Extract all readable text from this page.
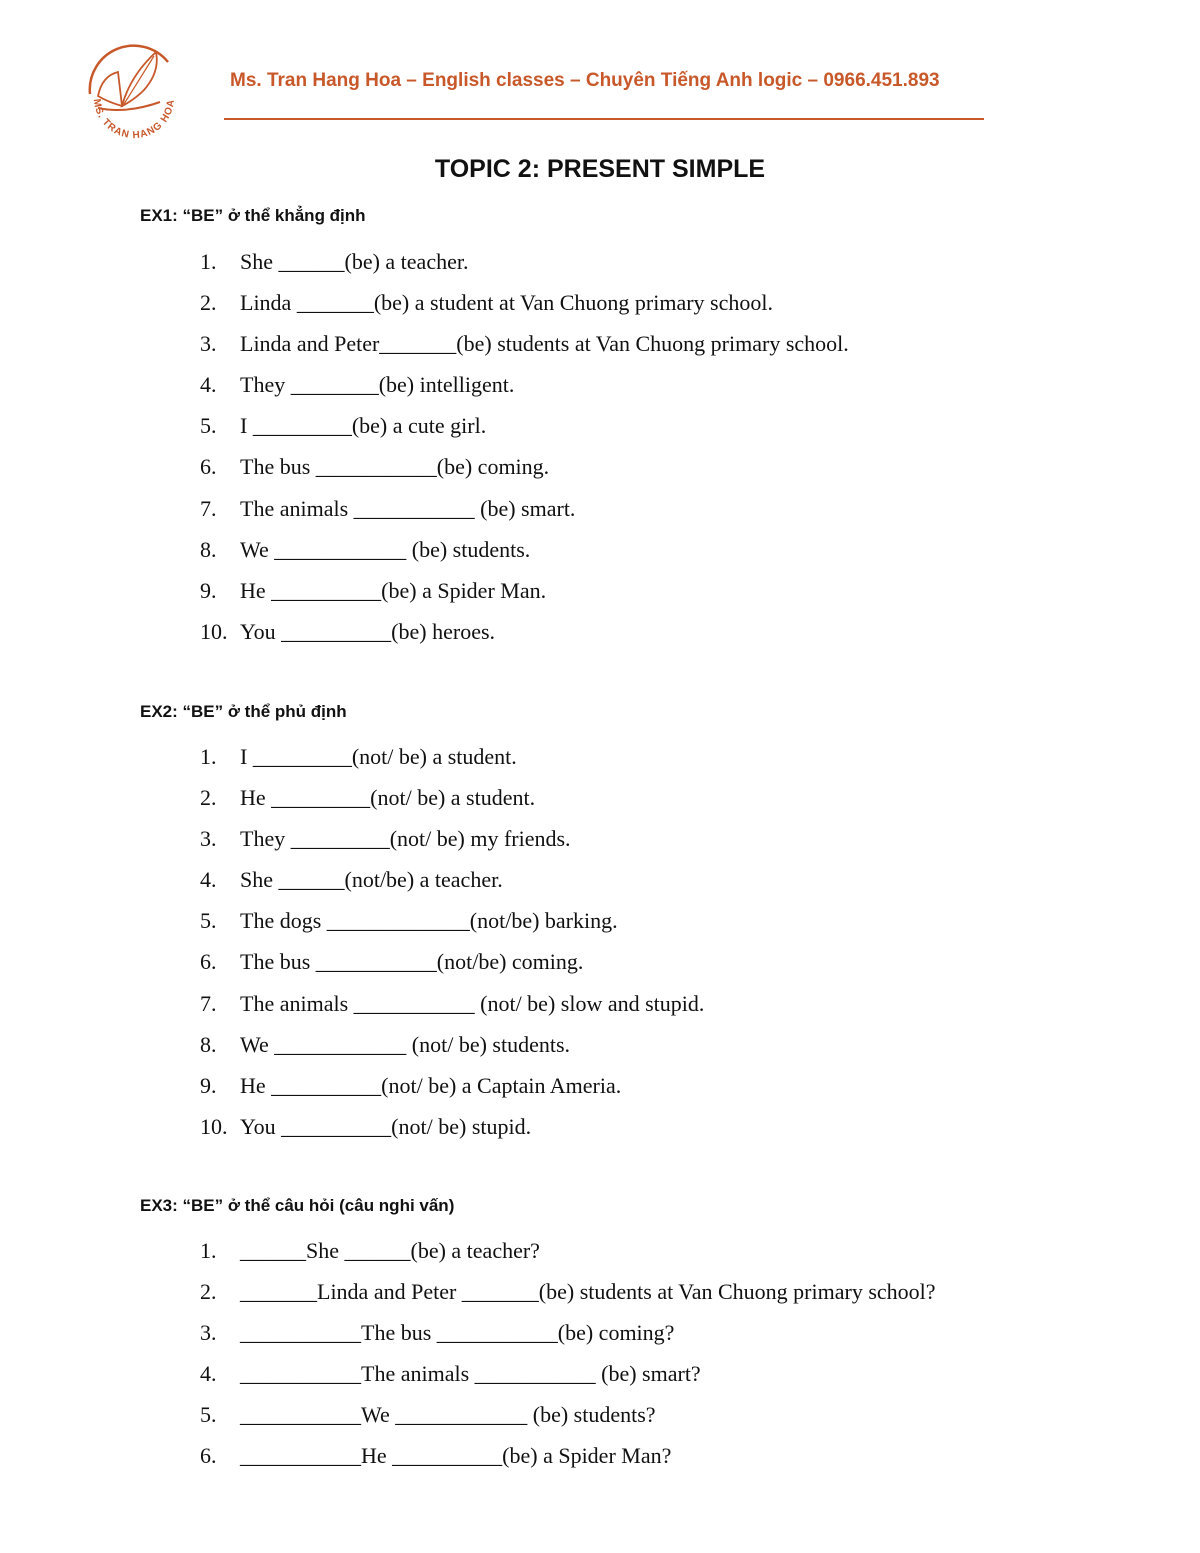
MS. TRAN HANG HOA
Ms. Tran Hang Hoa – English classes – Chuyên Tiếng Anh logic – 0966.451.893
TOPIC 2: PRESENT SIMPLE
EX1: “BE” ở thể khẳng định
1. She ______(be) a teacher.
2. Linda _______(be) a student at Van Chuong primary school.
3. Linda and Peter_______(be) students at Van Chuong primary school.
4. They ________(be) intelligent.
5. I _________(be) a cute girl.
6. The bus ___________(be) coming.
7. The animals ___________ (be) smart.
8. We ____________ (be) students.
9. He __________(be) a Spider Man.
10. You __________(be) heroes.
EX2: “BE” ở thể phủ định
1. I _________(not/ be) a student.
2. He _________(not/ be) a student.
3. They _________(not/ be) my friends.
4. She ______(not/be) a teacher.
5. The dogs _____________(not/be) barking.
6. The bus ___________(not/be) coming.
7. The animals ___________ (not/ be) slow and stupid.
8. We ____________ (not/ be) students.
9. He __________(not/ be) a Captain Ameria.
10. You __________(not/ be) stupid.
EX3: “BE” ở thể câu hỏi (câu nghi vấn)
1. ______She ______(be) a teacher?
2. _______Linda and Peter _______(be) students at Van Chuong primary school?
3. ___________The bus ___________(be) coming?
4. ___________The animals ___________ (be) smart?
5. ___________We ____________ (be) students?
6. ___________He __________(be) a Spider Man?
